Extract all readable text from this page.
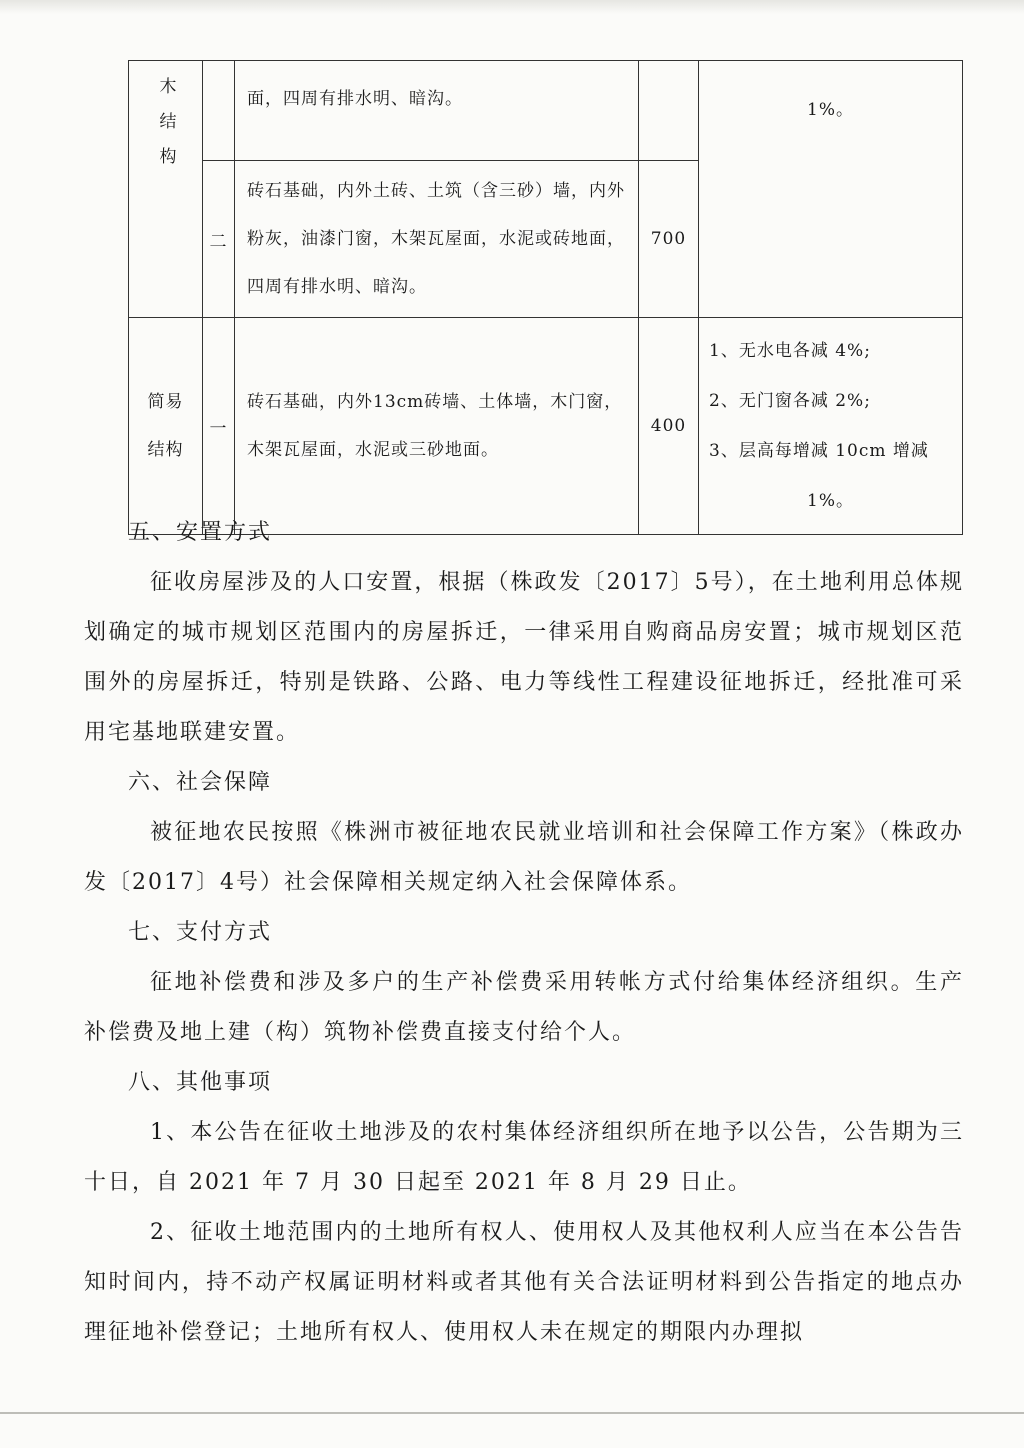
木结构		面，四周有排水明、暗沟。		1%。
	二	砖石基础，内外土砖、土筑（含三砂）墙，内外粉灰，油漆门窗，木架瓦屋面，水泥或砖地面，四周有排水明、暗沟。	700	
简易结构	一	砖石基础，内外13cm砖墙、土体墙，木门窗，木架瓦屋面，水泥或三砂地面。	400	1、无水电各减 4%;
2、无门窗各减 2%;
3、层高每增减 10cm 增减
1%。

五、安置方式

征收房屋涉及的人口安置，根据（株政发〔2017〕5号），在土地利用总体规划确定的城市规划区范围内的房屋拆迁，一律采用自购商品房安置；城市规划区范围外的房屋拆迁，特别是铁路、公路、电力等线性工程建设征地拆迁，经批准可采用宅基地联建安置。

六、社会保障

被征地农民按照《株洲市被征地农民就业培训和社会保障工作方案》（株政办发〔2017〕4号）社会保障相关规定纳入社会保障体系。

七、支付方式

征地补偿费和涉及多户的生产补偿费采用转帐方式付给集体经济组织。生产补偿费及地上建（构）筑物补偿费直接支付给个人。

八、其他事项

1、本公告在征收土地涉及的农村集体经济组织所在地予以公告，公告期为三十日，自 2021 年 7 月 30 日起至 2021 年 8 月 29 日止。

2、征收土地范围内的土地所有权人、使用权人及其他权利人应当在本公告告知时间内，持不动产权属证明材料或者其他有关合法证明材料到公告指定的地点办理征地补偿登记；土地所有权人、使用权人未在规定的期限内办理拟
